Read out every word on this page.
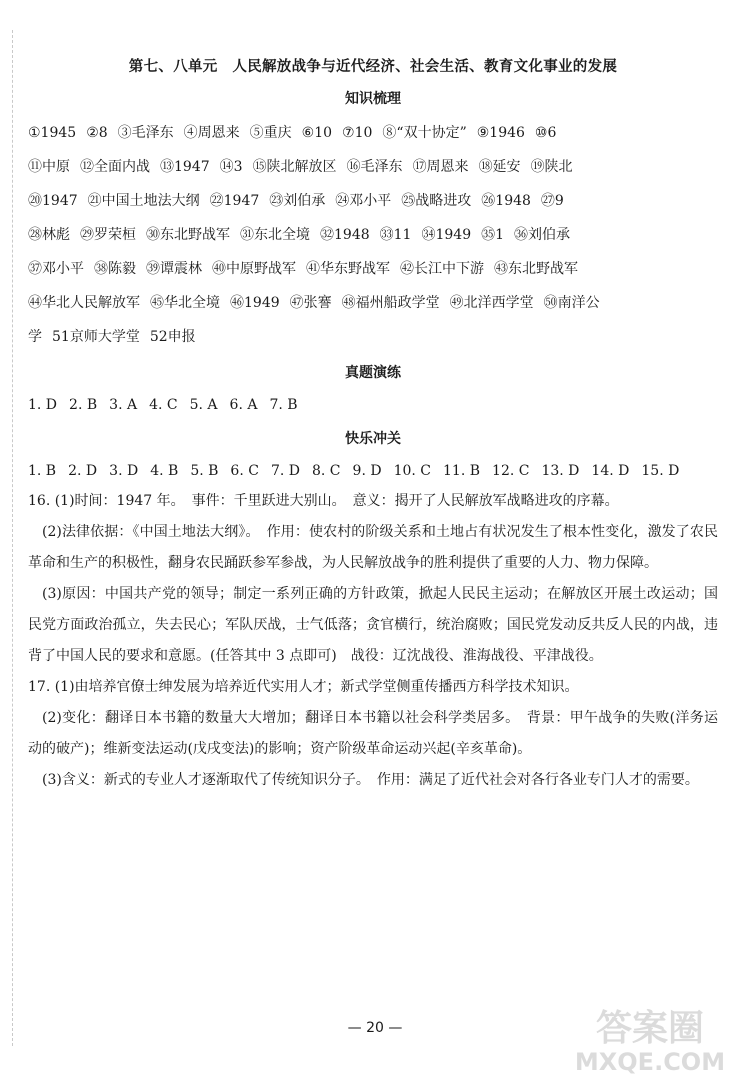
第七、八单元　人民解放战争与近代经济、社会生活、教育文化事业的发展
知识梳理
①1945 ②8 ③毛泽东 ④周恩来 ⑤重庆 ⑥10 ⑦10 ⑧“双十协定” ⑨1946 ⑩6
⑪中原 ⑫全面内战 ⑬1947 ⑭3 ⑮陕北解放区 ⑯毛泽东 ⑰周恩来 ⑱延安 ⑲陕北
⑳1947 ㉑中国土地法大纲 ㉒1947 ㉓刘伯承 ㉔邓小平 ㉕战略进攻 ㉖1948 ㉗9
㉘林彪 ㉙罗荣桓 ㉚东北野战军 ㉛东北全境 ㉜1948 ㉝11 ㉞1949 ㉟1 ㊱刘伯承
㊲邓小平 ㊳陈毅 ㊴谭震林 ㊵中原野战军 ㊶华东野战军 ㊷长江中下游 ㊸东北野战军
㊹华北人民解放军 ㊺华北全境 ㊻1949 ㊼张謇 ㊽福州船政学堂 ㊾北洋西学堂 ㊿南洋公
学 51京师大学堂 52申报
真题演练
1. D 2. B 3. A 4. C 5. A 6. A 7. B
快乐冲关
1. B 2. D 3. D 4. B 5. B 6. C 7. D 8. C 9. D 10. C 11. B 12. C 13. D 14. D 15. D

16. (1)时间：1947 年。　事件：千里跃进大别山。　意义：揭开了人民解放军战略进攻的序幕。

(2)法律依据：《中国土地法大纲》。　作用：使农村的阶级关系和土地占有状况发生了根本性变化，激发了农民革命和生产的积极性，翻身农民踊跃参军参战，为人民解放战争的胜利提供了重要的人力、物力保障。

(3)原因：中国共产党的领导；制定一系列正确的方针政策，掀起人民民主运动；在解放区开展土改运动；国民党方面政治孤立，失去民心；军队厌战，士气低落；贪官横行，统治腐败；国民党发动反共反人民的内战，违背了中国人民的要求和意愿。(任答其中 3 点即可)　战役：辽沈战役、淮海战役、平津战役。

17. (1)由培养官僚士绅发展为培养近代实用人才；新式学堂侧重传播西方科学技术知识。

(2)变化：翻译日本书籍的数量大大增加；翻译日本书籍以社会科学类居多。　背景：甲午战争的失败(洋务运动的破产)；维新变法运动(戊戌变法)的影响；资产阶级革命运动兴起(辛亥革命)。

(3)含义：新式的专业人才逐渐取代了传统知识分子。　作用：满足了近代社会对各行各业专门人才的需要。

— 20 —	答案圈
MXQE.COM
